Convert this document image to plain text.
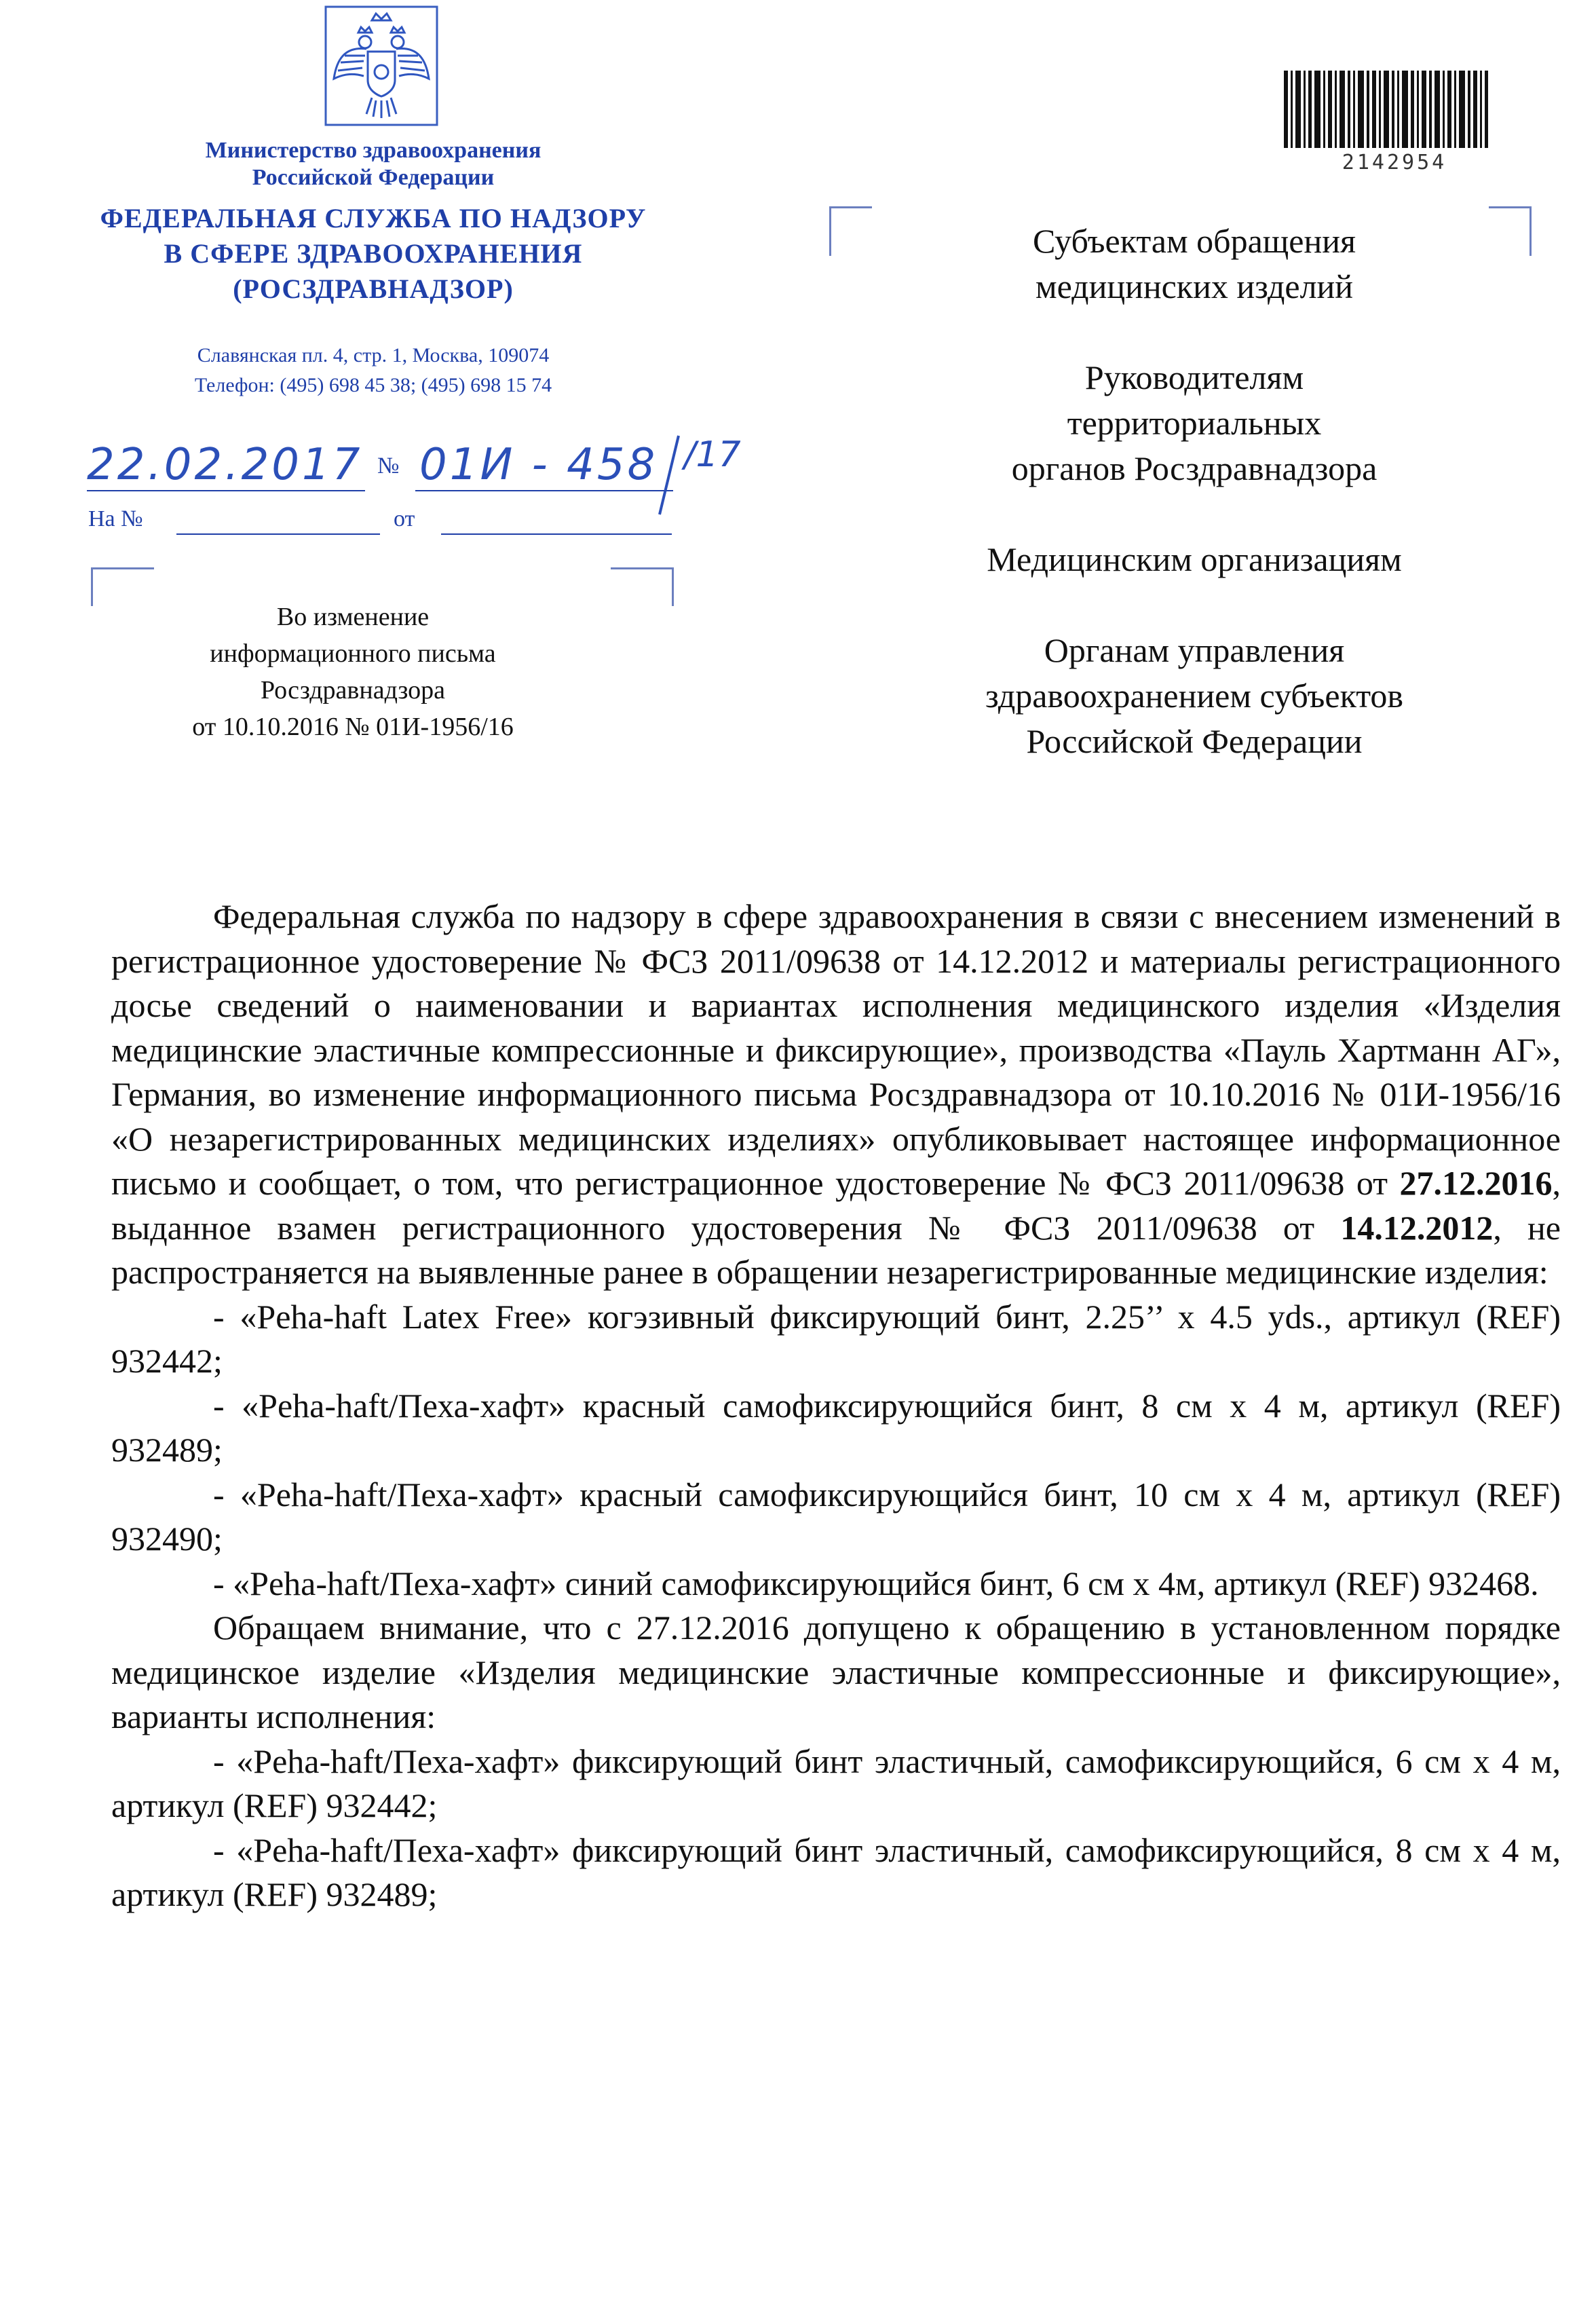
Министерство здравоохранения
Российской Федерации
ФЕДЕРАЛЬНАЯ СЛУЖБА ПО НАДЗОРУ
В СФЕРЕ ЗДРАВООХРАНЕНИЯ
(РОСЗДРАВНАДЗОР)
Славянская пл. 4, стр. 1, Москва, 109074
Телефон: (495) 698 45 38; (495) 698 15 74
22.02.2017 № 01И - 458 /17
На №	от
Во изменение
информационного письма
Росздравнадзора
от 10.10.2016 № 01И-1956/16
2142954
Субъектам обращения
медицинских изделий
Руководителям
территориальных
органов Росздравнадзора
Медицинским организациям
Органам управления
здравоохранением субъектов
Российской Федерации

Федеральная служба по надзору в сфере здравоохранения в связи с внесением изменений в регистрационное удостоверение № ФСЗ 2011/09638 от 14.12.2012 и материалы регистрационного досье сведений о наименовании и вариантах исполнения медицинского изделия «Изделия медицинские эластичные компрессионные и фиксирующие», производства «Пауль Хартманн АГ», Германия, во изменение информационного письма Росздравнадзора от 10.10.2016 № 01И-1956/16 «О незарегистрированных медицинских изделиях» опубликовывает настоящее информационное письмо и сообщает, о том, что регистрационное удостоверение № ФСЗ 2011/09638 от 27.12.2016, выданное взамен регистрационного удостоверения № ФСЗ 2011/09638 от 14.12.2012, не распространяется на выявленные ранее в обращении незарегистрированные медицинские изделия:

- «Peha-haft Latex Free» когэзивный фиксирующий бинт, 2.25’’ х 4.5 yds., артикул (REF) 932442;

- «Peha-haft/Пеха-хафт» красный самофиксирующийся бинт, 8 см х 4 м, артикул (REF) 932489;

- «Peha-haft/Пеха-хафт» красный самофиксирующийся бинт, 10 см х 4 м, артикул (REF) 932490;

- «Peha-haft/Пеха-хафт» синий самофиксирующийся бинт, 6 см х 4м, артикул (REF) 932468.

Обращаем внимание, что с 27.12.2016 допущено к обращению в установленном порядке медицинское изделие «Изделия медицинские эластичные компрессионные и фиксирующие», варианты исполнения:

- «Peha-haft/Пеха-хафт» фиксирующий бинт эластичный, самофиксирующийся, 6 см х 4 м, артикул (REF) 932442;

- «Peha-haft/Пеха-хафт» фиксирующий бинт эластичный, самофиксирующийся, 8 см х 4 м, артикул (REF) 932489;
